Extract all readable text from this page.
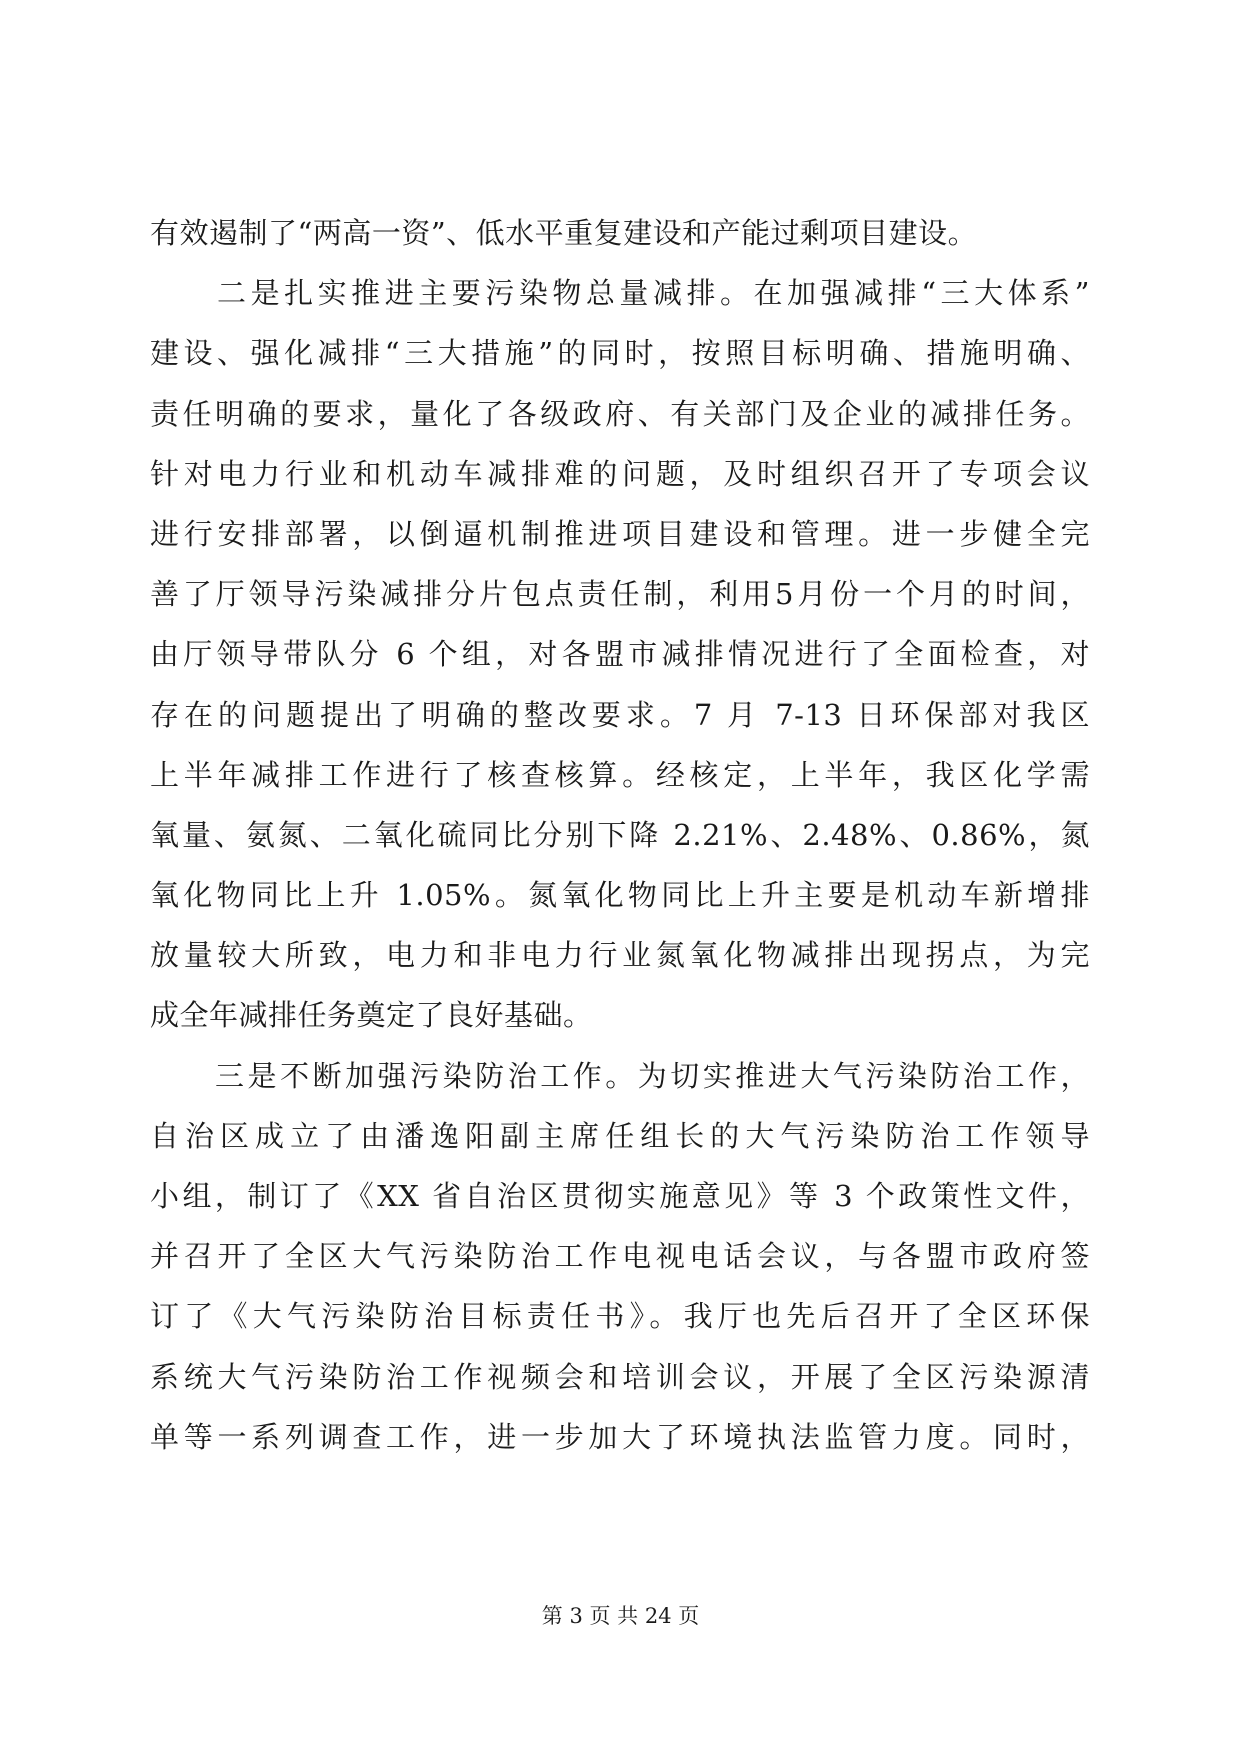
有效遏制了“两高一资”、低水平重复建设和产能过剩项目建设。
　　二是扎实推进主要污染物总量减排。在加强减排“三大体系”
建设、强化减排“三大措施”的同时，按照目标明确、措施明确、
责任明确的要求，量化了各级政府、有关部门及企业的减排任务。
针对电力行业和机动车减排难的问题，及时组织召开了专项会议
进行安排部署，以倒逼机制推进项目建设和管理。进一步健全完
善了厅领导污染减排分片包点责任制，利用5月份一个月的时间，
由厅领导带队分 6 个组，对各盟市减排情况进行了全面检查，对
存在的问题提出了明确的整改要求。7 月 7-13 日环保部对我区
上半年减排工作进行了核查核算。经核定，上半年，我区化学需
氧量、氨氮、二氧化硫同比分别下降 2.21%、2.48%、0.86%，氮
氧化物同比上升 1.05%。氮氧化物同比上升主要是机动车新增排
放量较大所致，电力和非电力行业氮氧化物减排出现拐点，为完
成全年减排任务奠定了良好基础。
　　三是不断加强污染防治工作。为切实推进大气污染防治工作，
自治区成立了由潘逸阳副主席任组长的大气污染防治工作领导
小组，制订了《XX 省自治区贯彻实施意见》等 3 个政策性文件，
并召开了全区大气污染防治工作电视电话会议，与各盟市政府签
订了《大气污染防治目标责任书》。我厅也先后召开了全区环保
系统大气污染防治工作视频会和培训会议，开展了全区污染源清
单等一系列调查工作，进一步加大了环境执法监管力度。同时，
第 3 页 共 24 页
